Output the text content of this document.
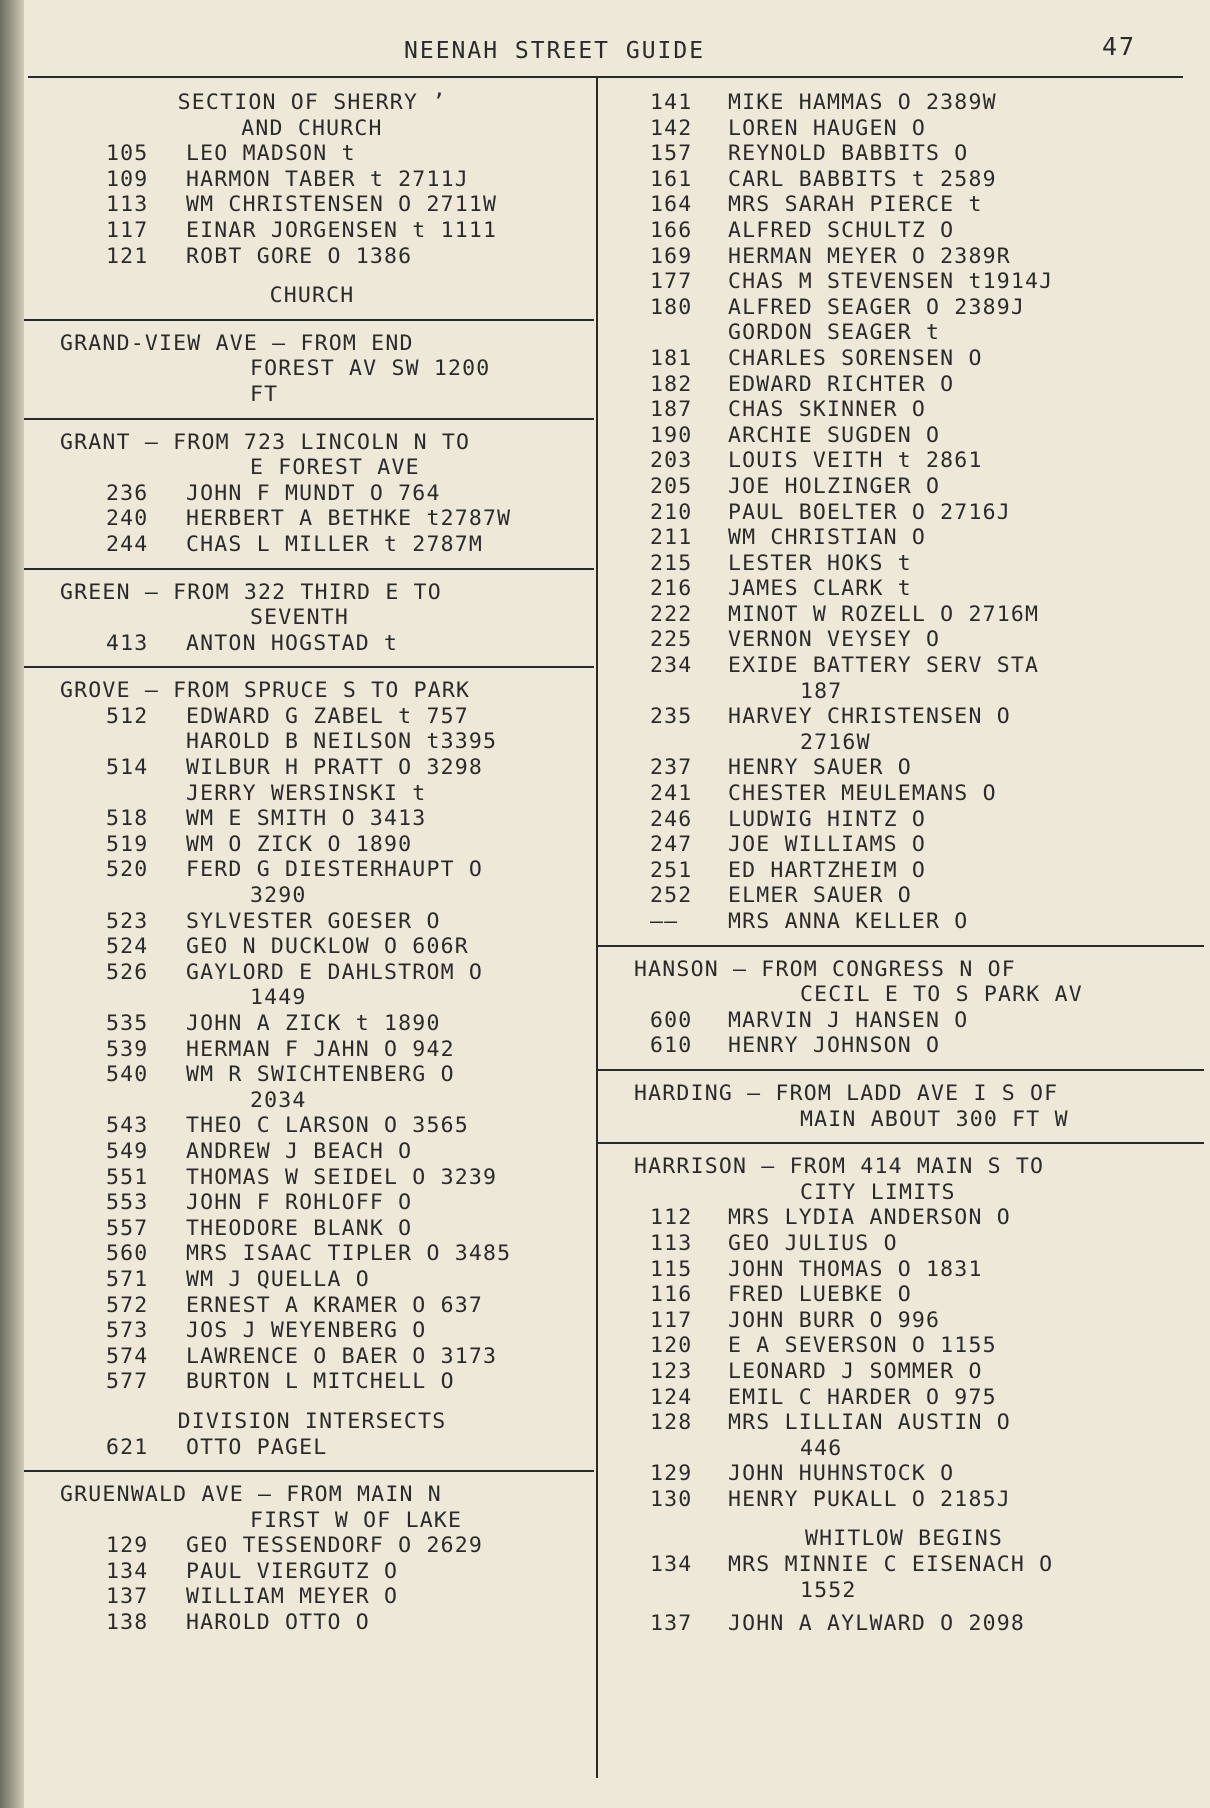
NEENAH STREET GUIDE	47
SECTION OF SHERRY ’
AND CHURCH
105 LEO MADSON t
109 HARMON TABER t 2711J
113 WM CHRISTENSEN O 2711W
117 EINAR JORGENSEN t 1111
121 ROBT GORE O 1386
CHURCH
GRAND-VIEW AVE — FROM END
FOREST AV SW 1200
FT
GRANT — FROM 723 LINCOLN N TO
E FOREST AVE
236 JOHN F MUNDT O 764
240 HERBERT A BETHKE t2787W
244 CHAS L MILLER t 2787M
GREEN — FROM 322 THIRD E TO
SEVENTH
413 ANTON HOGSTAD t
GROVE — FROM SPRUCE S TO PARK
512 EDWARD G ZABEL t 757
HAROLD B NEILSON t3395
514 WILBUR H PRATT O 3298
JERRY WERSINSKI t
518 WM E SMITH O 3413
519 WM O ZICK O 1890
520 FERD G DIESTERHAUPT O
3290
523 SYLVESTER GOESER O
524 GEO N DUCKLOW O 606R
526 GAYLORD E DAHLSTROM O
1449
535 JOHN A ZICK t 1890
539 HERMAN F JAHN O 942
540 WM R SWICHTENBERG O
2034
543 THEO C LARSON O 3565
549 ANDREW J BEACH O
551 THOMAS W SEIDEL O 3239
553 JOHN F ROHLOFF O
557 THEODORE BLANK O
560 MRS ISAAC TIPLER O 3485
571 WM J QUELLA O
572 ERNEST A KRAMER O 637
573 JOS J WEYENBERG O
574 LAWRENCE O BAER O 3173
577 BURTON L MITCHELL O
DIVISION INTERSECTS
621 OTTO PAGEL
GRUENWALD AVE — FROM MAIN N
FIRST W OF LAKE
129 GEO TESSENDORF O 2629
134 PAUL VIERGUTZ O
137 WILLIAM MEYER O
138 HAROLD OTTO O
141 MIKE HAMMAS O 2389W
142 LOREN HAUGEN O
157 REYNOLD BABBITS O
161 CARL BABBITS t 2589
164 MRS SARAH PIERCE t
166 ALFRED SCHULTZ O
169 HERMAN MEYER O 2389R
177 CHAS M STEVENSEN t1914J
180 ALFRED SEAGER O 2389J
GORDON SEAGER t
181 CHARLES SORENSEN O
182 EDWARD RICHTER O
187 CHAS SKINNER O
190 ARCHIE SUGDEN O
203 LOUIS VEITH t 2861
205 JOE HOLZINGER O
210 PAUL BOELTER O 2716J
211 WM CHRISTIAN O
215 LESTER HOKS t
216 JAMES CLARK t
222 MINOT W ROZELL O 2716M
225 VERNON VEYSEY O
234 EXIDE BATTERY SERV STA
187
235 HARVEY CHRISTENSEN O
2716W
237 HENRY SAUER O
241 CHESTER MEULEMANS O
246 LUDWIG HINTZ O
247 JOE WILLIAMS O
251 ED HARTZHEIM O
252 ELMER SAUER O
—— MRS ANNA KELLER O
HANSON — FROM CONGRESS N OF
CECIL E TO S PARK AV
600 MARVIN J HANSEN O
610 HENRY JOHNSON O
HARDING — FROM LADD AVE I S OF
MAIN ABOUT 300 FT W
HARRISON — FROM 414 MAIN S TO
CITY LIMITS
112 MRS LYDIA ANDERSON O
113 GEO JULIUS O
115 JOHN THOMAS O 1831
116 FRED LUEBKE O
117 JOHN BURR O 996
120 E A SEVERSON O 1155
123 LEONARD J SOMMER O
124 EMIL C HARDER O 975
128 MRS LILLIAN AUSTIN O
446
129 JOHN HUHNSTOCK O
130 HENRY PUKALL O 2185J
WHITLOW BEGINS
134 MRS MINNIE C EISENACH O
1552
137 JOHN A AYLWARD O 2098
